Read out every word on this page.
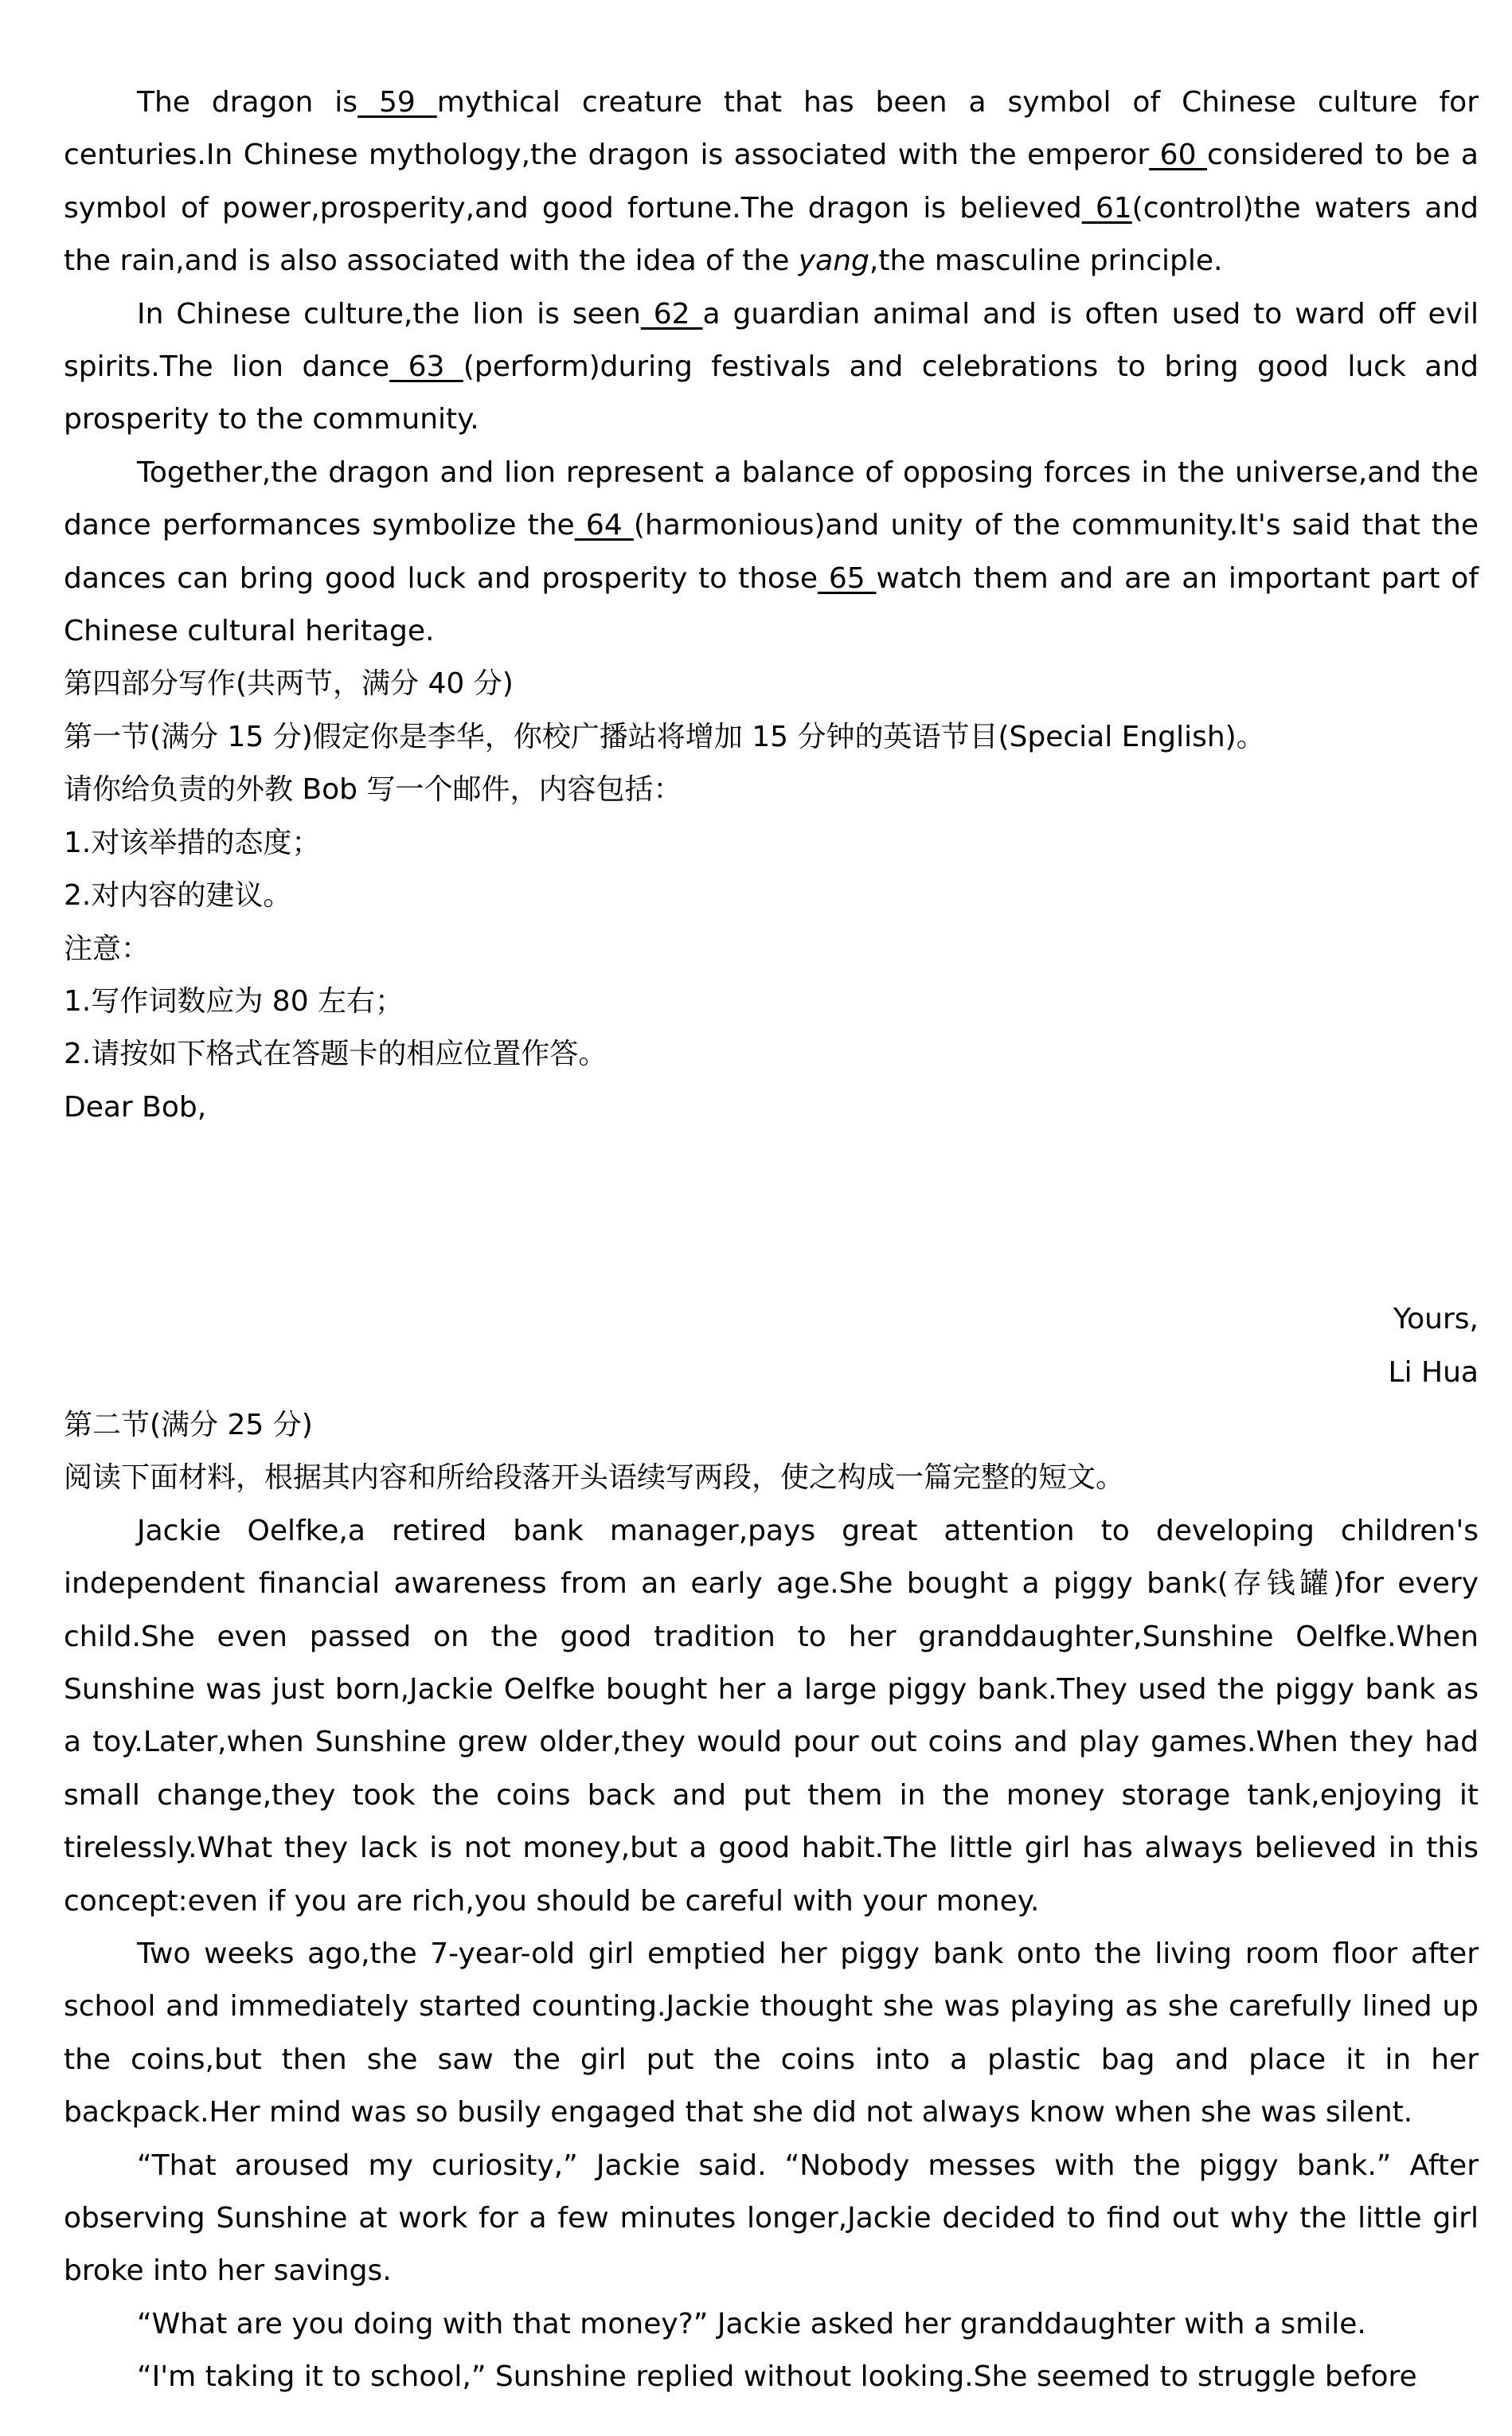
The dragon is 59 mythical creature that has been a symbol of Chinese culture for centuries.In Chinese mythology,the dragon is associated with the emperor 60 considered to be a symbol of power,prosperity,and good fortune.The dragon is believed 61(control)the waters and the rain,and is also associated with the idea of the yang,the masculine principle.

In Chinese culture,the lion is seen 62 a guardian animal and is often used to ward off evil spirits.The lion dance 63 (perform)during festivals and celebrations to bring good luck and prosperity to the community.

Together,the dragon and lion represent a balance of opposing forces in the universe,and the dance performances symbolize the 64 (harmonious)and unity of the community.It's said that the dances can bring good luck and prosperity to those 65 watch them and are an important part of Chinese cultural heritage.

第四部分写作(共两节，满分 40 分)

第一节(满分 15 分)假定你是李华，你校广播站将增加 15 分钟的英语节目(Special English)。

请你给负责的外教 Bob 写一个邮件，内容包括：

1.对该举措的态度；

2.对内容的建议。

注意：

1.写作词数应为 80 左右；

2.请按如下格式在答题卡的相应位置作答。

Dear Bob,

Yours,

Li Hua

第二节(满分 25 分)

阅读下面材料，根据其内容和所给段落开头语续写两段，使之构成一篇完整的短文。

Jackie Oelfke,a retired bank manager,pays great attention to developing children's independent financial awareness from an early age.She bought a piggy bank(存钱罐)for every child.She even passed on the good tradition to her granddaughter,Sunshine Oelfke.When Sunshine was just born,Jackie Oelfke bought her a large piggy bank.They used the piggy bank as a toy.Later,when Sunshine grew older,they would pour out coins and play games.When they had small change,they took the coins back and put them in the money storage tank,enjoying it tirelessly.What they lack is not money,but a good habit.The little girl has always believed in this concept:even if you are rich,you should be careful with your money.

Two weeks ago,the 7-year-old girl emptied her piggy bank onto the living room floor after school and immediately started counting.Jackie thought she was playing as she carefully lined up the coins,but then she saw the girl put the coins into a plastic bag and place it in her backpack.Her mind was so busily engaged that she did not always know when she was silent.

“That aroused my curiosity,” Jackie said. “Nobody messes with the piggy bank.” After observing Sunshine at work for a few minutes longer,Jackie decided to find out why the little girl broke into her savings.

“What are you doing with that money?” Jackie asked her granddaughter with a smile.

“I'm taking it to school,” Sunshine replied without looking.She seemed to struggle before
